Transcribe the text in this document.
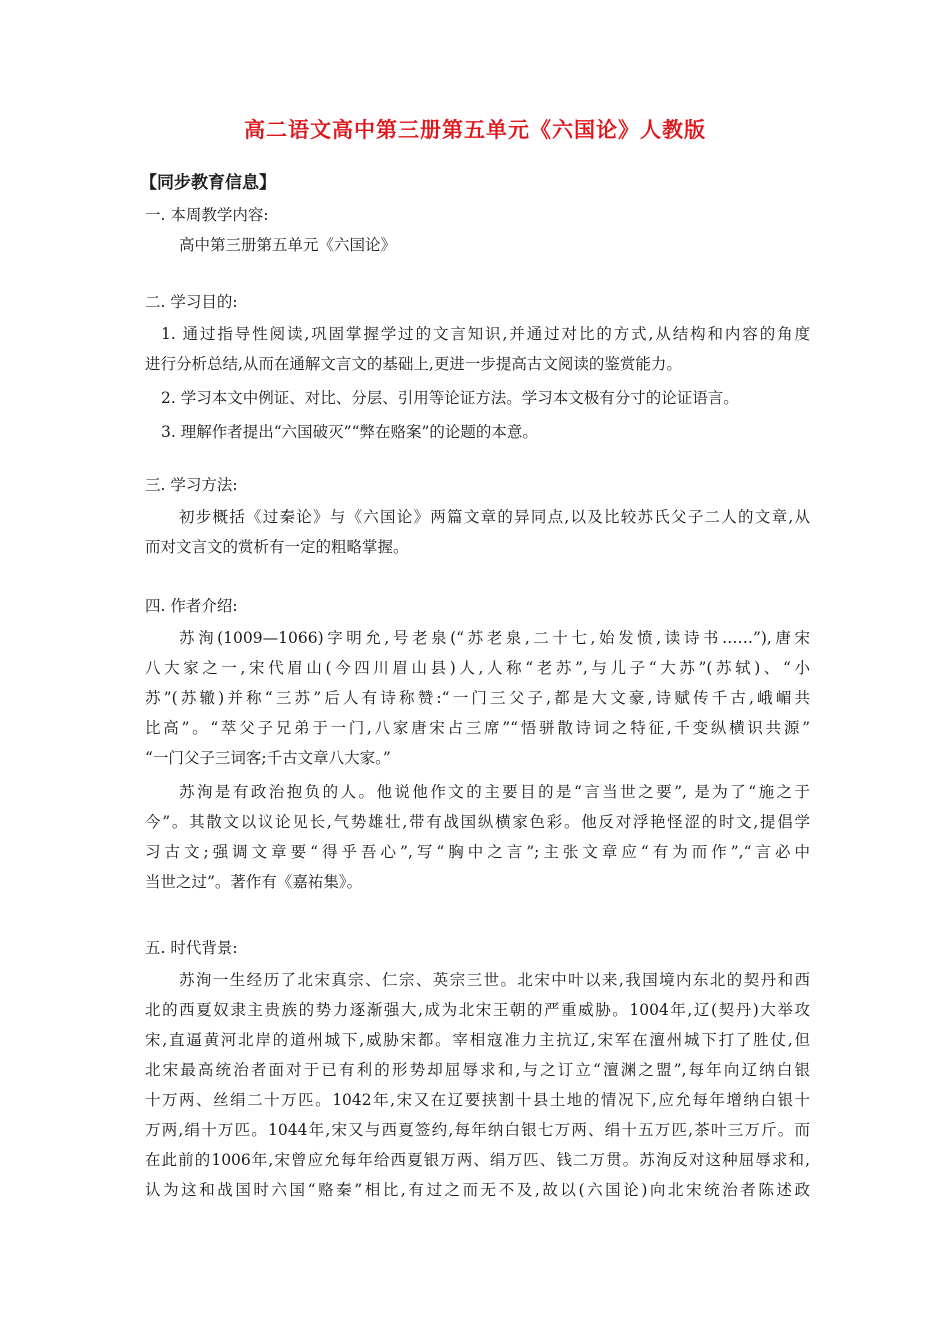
高二语文高中第三册第五单元《六国论》人教版
【同步教育信息】
一. 本周教学内容:
高中第三册第五单元《六国论》
二. 学习目的:
1. 通过指导性阅读,巩固掌握学过的文言知识,并通过对比的方式,从结构和内容的角度
进行分析总结,从而在通解文言文的基础上,更进一步提高古文阅读的鉴赏能力。
2. 学习本文中例证、对比、分层、引用等论证方法。学习本文极有分寸的论证语言。
3. 理解作者提出“六国破灭”“弊在赂案”的论题的本意。
三. 学习方法:
初步概括《过秦论》与《六国论》两篇文章的异同点,以及比较苏氏父子二人的文章,从
而对文言文的赏析有一定的粗略掌握。
四. 作者介绍:
苏洵(1009—1066)字明允,号老泉(“苏老泉,二十七,始发愤,读诗书……”),唐宋
八大家之一,宋代眉山(今四川眉山县)人,人称“老苏”,与儿子“大苏”(苏轼)、“小
苏”(苏辙)并称“三苏”后人有诗称赞:“一门三父子,都是大文豪,诗赋传千古,峨嵋共
比高”。“萃父子兄弟于一门,八家唐宋占三席”“悟骈散诗词之特征,千变纵横识共源”
“一门父子三词客;千古文章八大家。”
苏洵是有政治抱负的人。他说他作文的主要目的是“言当世之要”, 是为了“施之于
今”。其散文以议论见长,气势雄壮,带有战国纵横家色彩。他反对浮艳怪涩的时文,提倡学
习古文;强调文章要“得乎吾心”,写“胸中之言”;主张文章应“有为而作”,“言必中
当世之过”。著作有《嘉祐集》。
五. 时代背景:
苏洵一生经历了北宋真宗、仁宗、英宗三世。北宋中叶以来,我国境内东北的契丹和西
北的西夏奴隶主贵族的势力逐渐强大,成为北宋王朝的严重威胁。1004年,辽(契丹)大举攻
宋,直逼黄河北岸的道州城下,威胁宋都。宰相寇准力主抗辽,宋军在澶州城下打了胜仗,但
北宋最高统治者面对于已有利的形势却屈辱求和,与之订立“澶渊之盟”,每年向辽纳白银
十万两、丝绢二十万匹。1042年,宋又在辽要挟割十县土地的情况下,应允每年增纳白银十
万两,绢十万匹。1044年,宋又与西夏签约,每年纳白银七万两、绢十五万匹,茶叶三万斤。而
在此前的1006年,宋曾应允每年给西夏银万两、绢万匹、钱二万贯。苏洵反对这种屈辱求和,
认为这和战国时六国“赂秦”相比,有过之而无不及,故以(六国论)向北宋统治者陈述政
